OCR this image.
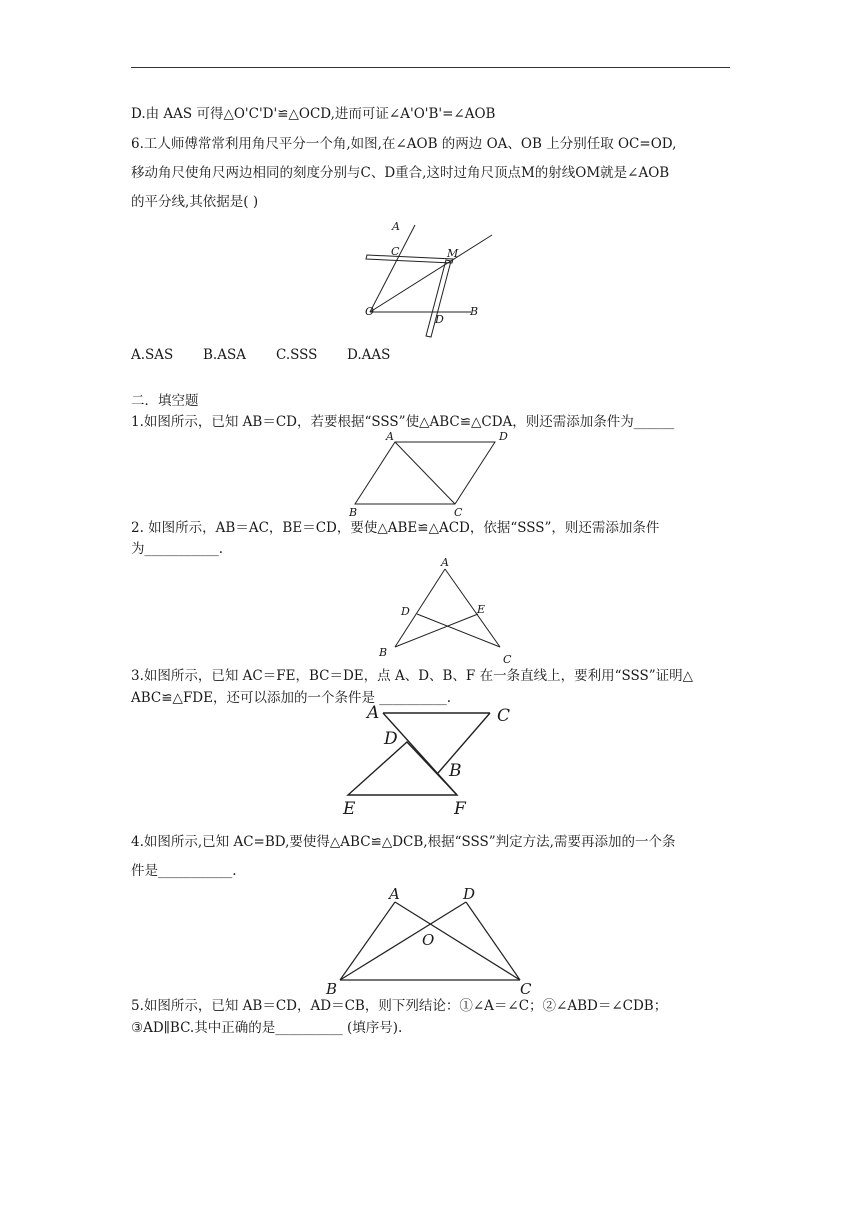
D.由 AAS 可得△O'C'D'≌△OCD,进而可证∠A'O'B'=∠AOB
6.工人师傅常常利用角尺平分一个角,如图,在∠AOB 的两边 OA、OB 上分别任取 OC=OD,
移动角尺使角尺两边相同的刻度分别与C、D重合,这时过角尺顶点M的射线OM就是∠AOB
的平分线,其依据是( )
A
C	M
O
D
B
A.SAS B.ASA C.SSS D.AAS
二．填空题
1.如图所示，已知 AB＝CD，若要根据“SSS”使△ABC≌△CDA，则还需添加条件为______
A	D
B	C
2. 如图所示，AB＝AC，BE＝CD，要使△ABE≌△ACD，依据“SSS”，则还需添加条件
为___________.
A
D	E
B
C
3.如图所示，已知 AC＝FE，BC＝DE，点 A、D、B、F 在一条直线上，要利用“SSS”证明△
ABC≌△FDE，还可以添加的一个条件是 __________.
A	C
D
B
E	F
4.如图所示,已知 AC=BD,要使得△ABC≌△DCB,根据“SSS”判定方法,需要再添加的一个条
件是___________.
A	D
O
B	C
5.如图所示，已知 AB＝CD，AD＝CB，则下列结论：①∠A＝∠C；②∠ABD＝∠CDB；
③AD∥BC.其中正确的是__________ (填序号).
